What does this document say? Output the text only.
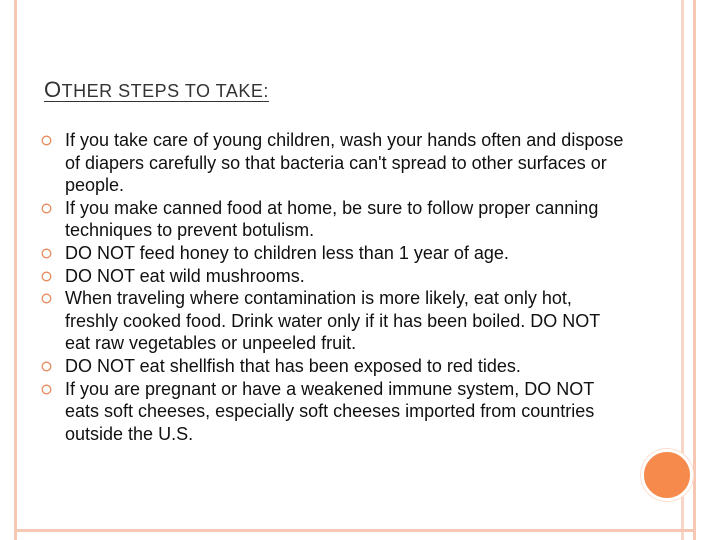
OTHER STEPS TO TAKE:
If you take care of young children, wash your hands often and dispose of diapers carefully so that bacteria can't spread to other surfaces or people.
If you make canned food at home, be sure to follow proper canning techniques to prevent botulism.
DO NOT feed honey to children less than 1 year of age.
DO NOT eat wild mushrooms.
When traveling where contamination is more likely, eat only hot, freshly cooked food. Drink water only if it has been boiled. DO NOT eat raw vegetables or unpeeled fruit.
DO NOT eat shellfish that has been exposed to red tides.
If you are pregnant or have a weakened immune system, DO NOT eats soft cheeses, especially soft cheeses imported from countries outside the U.S.
